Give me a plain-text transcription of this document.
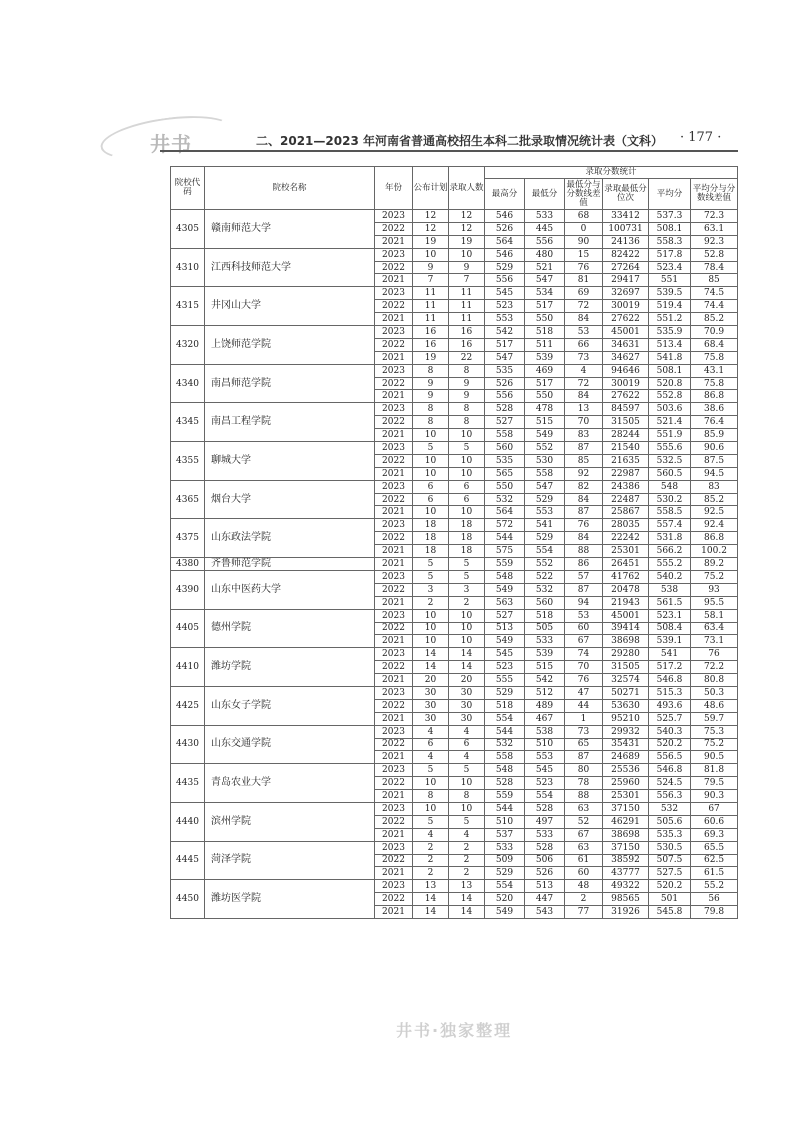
井书	二、2021—2023 年河南省普通高校招生本科二批录取情况统计表（文科） · 177 ·
院校代码	院校名称	年份	公布计划	录取人数	录取分数统计					
					最高分	最低分	最低分与分数线差值	录取最低分位次	平均分	平均分与分数线差值
4305	赣南师范大学	2023	12	12	546	533	68	33412	537.3	72.3
		2022	12	12	526	445	0	100731	508.1	63.1
		2021	19	19	564	556	90	24136	558.3	92.3
4310	江西科技师范大学	2023	10	10	546	480	15	82422	517.8	52.8
		2022	9	9	529	521	76	27264	523.4	78.4
		2021	7	7	556	547	81	29417	551	85
4315	井冈山大学	2023	11	11	545	534	69	32697	539.5	74.5
		2022	11	11	523	517	72	30019	519.4	74.4
		2021	11	11	553	550	84	27622	551.2	85.2
4320	上饶师范学院	2023	16	16	542	518	53	45001	535.9	70.9
		2022	16	16	517	511	66	34631	513.4	68.4
		2021	19	22	547	539	73	34627	541.8	75.8
4340	南昌师范学院	2023	8	8	535	469	4	94646	508.1	43.1
		2022	9	9	526	517	72	30019	520.8	75.8
		2021	9	9	556	550	84	27622	552.8	86.8
4345	南昌工程学院	2023	8	8	528	478	13	84597	503.6	38.6
		2022	8	8	527	515	70	31505	521.4	76.4
		2021	10	10	558	549	83	28244	551.9	85.9
4355	聊城大学	2023	5	5	560	552	87	21540	555.6	90.6
		2022	10	10	535	530	85	21635	532.5	87.5
		2021	10	10	565	558	92	22987	560.5	94.5
4365	烟台大学	2023	6	6	550	547	82	24386	548	83
		2022	6	6	532	529	84	22487	530.2	85.2
		2021	10	10	564	553	87	25867	558.5	92.5
4375	山东政法学院	2023	18	18	572	541	76	28035	557.4	92.4
		2022	18	18	544	529	84	22242	531.8	86.8
		2021	18	18	575	554	88	25301	566.2	100.2
4380	齐鲁师范学院	2021	5	5	559	552	86	26451	555.2	89.2
4390	山东中医药大学	2023	5	5	548	522	57	41762	540.2	75.2
		2022	3	3	549	532	87	20478	538	93
		2021	2	2	563	560	94	21943	561.5	95.5
4405	德州学院	2023	10	10	527	518	53	45001	523.1	58.1
		2022	10	10	513	505	60	39414	508.4	63.4
		2021	10	10	549	533	67	38698	539.1	73.1
4410	潍坊学院	2023	14	14	545	539	74	29280	541	76
		2022	14	14	523	515	70	31505	517.2	72.2
		2021	20	20	555	542	76	32574	546.8	80.8
4425	山东女子学院	2023	30	30	529	512	47	50271	515.3	50.3
		2022	30	30	518	489	44	53630	493.6	48.6
		2021	30	30	554	467	1	95210	525.7	59.7
4430	山东交通学院	2023	4	4	544	538	73	29932	540.3	75.3
		2022	6	6	532	510	65	35431	520.2	75.2
		2021	4	4	558	553	87	24689	556.5	90.5
4435	青岛农业大学	2023	5	5	548	545	80	25536	546.8	81.8
		2022	10	10	528	523	78	25960	524.5	79.5
		2021	8	8	559	554	88	25301	556.3	90.3
4440	滨州学院	2023	10	10	544	528	63	37150	532	67
		2022	5	5	510	497	52	46291	505.6	60.6
		2021	4	4	537	533	67	38698	535.3	69.3
4445	菏泽学院	2023	2	2	533	528	63	37150	530.5	65.5
		2022	2	2	509	506	61	38592	507.5	62.5
		2021	2	2	529	526	60	43777	527.5	61.5
4450	潍坊医学院	2023	13	13	554	513	48	49322	520.2	55.2
		2022	14	14	520	447	2	98565	501	56
		2021	14	14	549	543	77	31926	545.8	79.8

井书·独家整理
